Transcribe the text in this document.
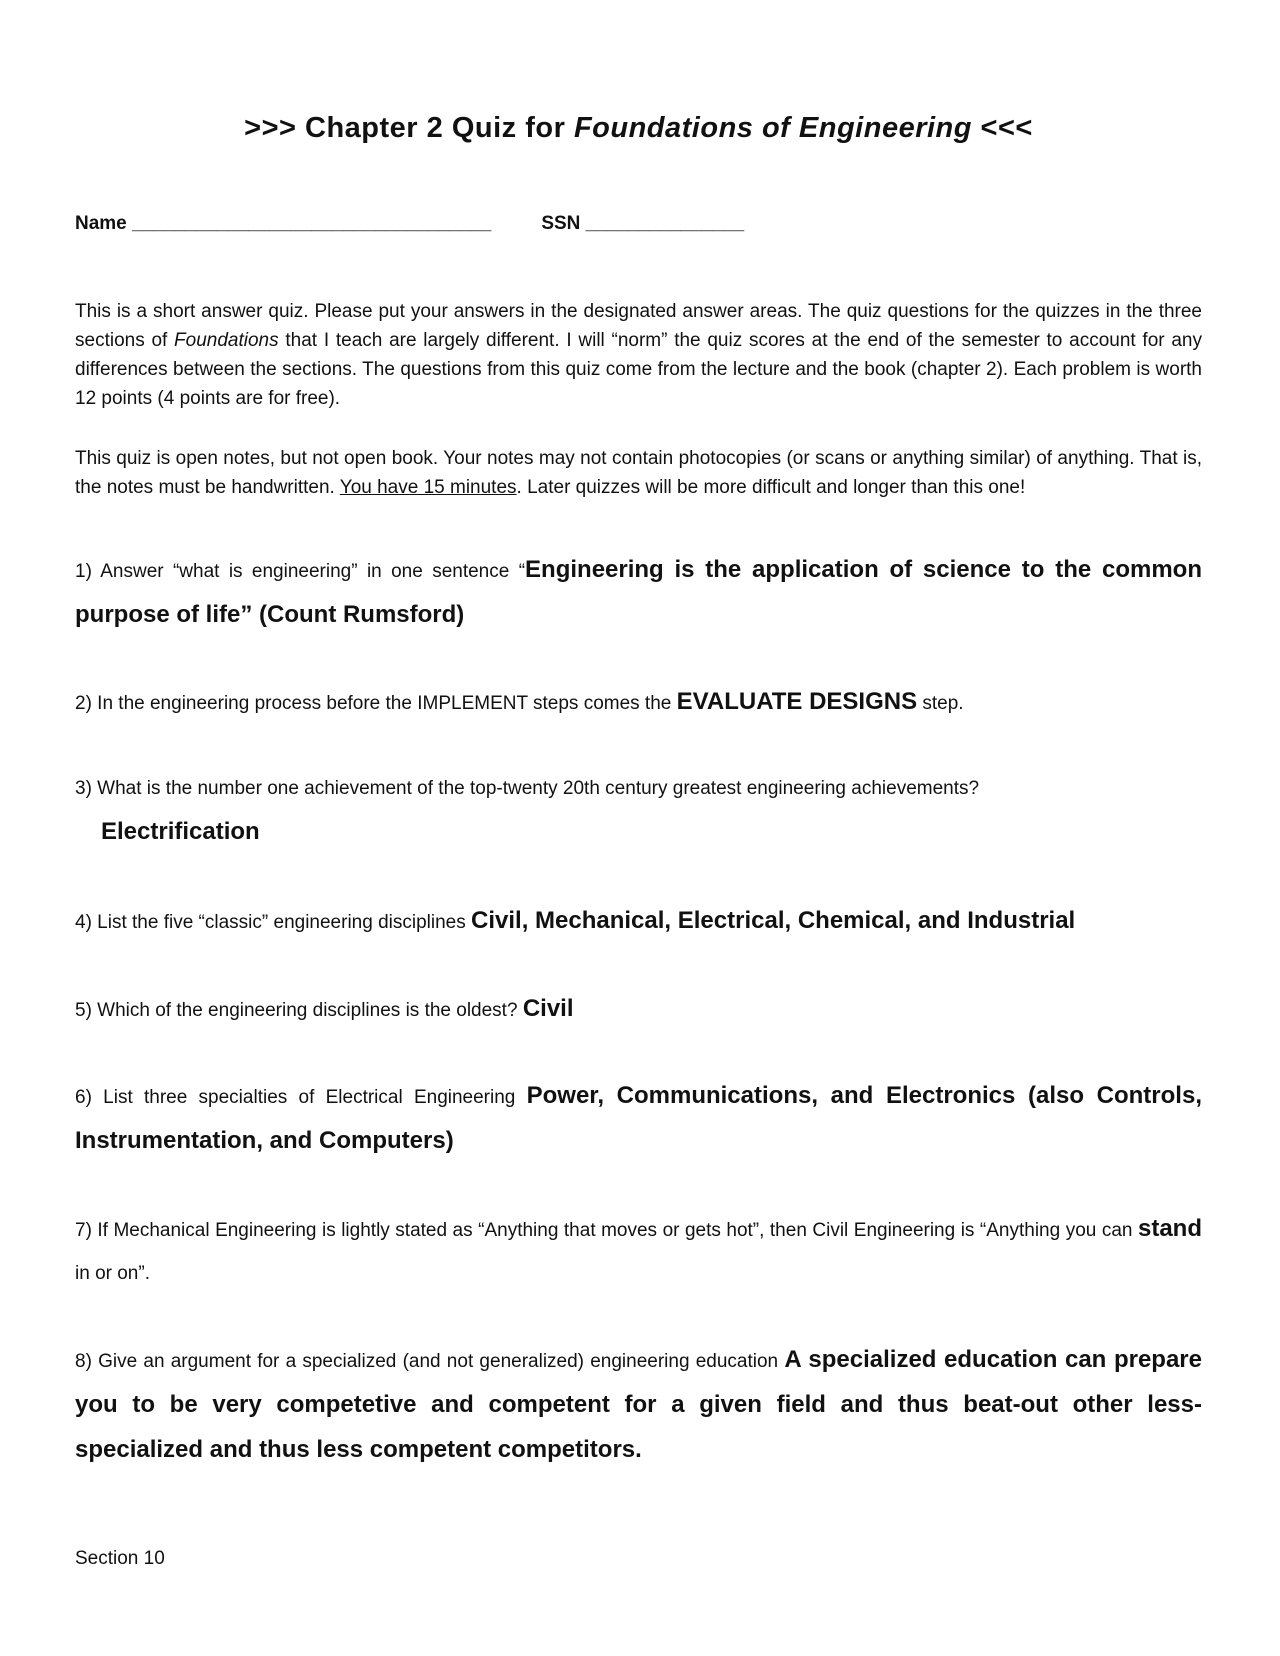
>>> Chapter 2 Quiz for Foundations of Engineering <<<
Name __________________________________	SSN _______________

This is a short answer quiz. Please put your answers in the designated answer areas. The quiz questions for the quizzes in the three sections of Foundations that I teach are largely different. I will “norm” the quiz scores at the end of the semester to account for any differences between the sections. The questions from this quiz come from the lecture and the book (chapter 2). Each problem is worth 12 points (4 points are for free).

This quiz is open notes, but not open book. Your notes may not contain photocopies (or scans or anything similar) of anything. That is, the notes must be handwritten. You have 15 minutes. Later quizzes will be more difficult and longer than this one!

1) Answer “what is engineering” in one sentence “Engineering is the application of science to the common purpose of life” (Count Rumsford)
2) In the engineering process before the IMPLEMENT steps comes the EVALUATE DESIGNS step.
3) What is the number one achievement of the top-twenty 20th century greatest engineering achievements?
Electrification
4) List the five “classic” engineering disciplines Civil, Mechanical, Electrical, Chemical, and Industrial
5) Which of the engineering disciplines is the oldest? Civil
6) List three specialties of Electrical Engineering Power, Communications, and Electronics (also Controls, Instrumentation, and Computers)
7) If Mechanical Engineering is lightly stated as “Anything that moves or gets hot”, then Civil Engineering is “Anything you can stand in or on”.
8) Give an argument for a specialized (and not generalized) engineering education A specialized education can prepare you to be very competetive and competent for a given field and thus beat-out other less-specialized and thus less competent competitors.
Section 10
